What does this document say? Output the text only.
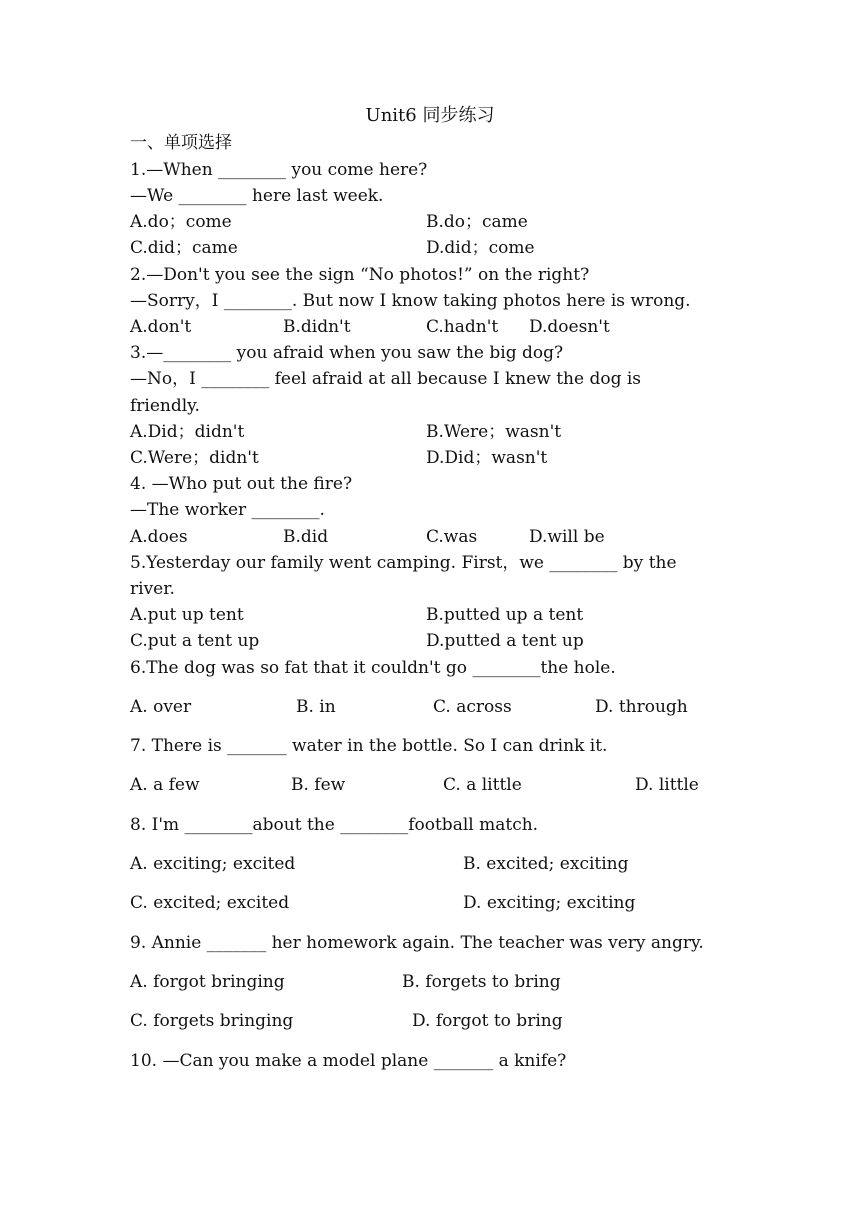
Unit6 同步练习
一、单项选择
1.—When ________ you come here?
—We ________ here last week.
A.do；come	B.do；came
C.did；came	D.did；come
2.—Don't you see the sign “No photos!” on the right?
—Sorry，I ________. But now I know taking photos here is wrong.
A.don't	B.didn't	C.hadn't D.doesn't
3.—________ you afraid when you saw the big dog?
—No，I ________ feel afraid at all because I knew the dog is
friendly.
A.Did；didn't	B.Were；wasn't
C.Were；didn't	D.Did；wasn't
4. —Who put out the fire?
—The worker ________.
A.does	B.did	C.was	D.will be
5.Yesterday our family went camping. First，we ________ by the
river.
A.put up tent	B.putted up a tent
C.put a tent up	D.putted a tent up
6.The dog was so fat that it couldn't go ________the hole.
A. over	B. in	C. across	D. through
7. There is _______ water in the bottle. So I can drink it.
A. a few	B. few	C. a little	D. little
8. I'm ________about the ________football match.
A. exciting; excited	B. excited; exciting
C. excited; excited	D. exciting; exciting
9. Annie _______ her homework again. The teacher was very angry.
A. forgot bringing	B. forgets to bring
C. forgets bringing	D. forgot to bring
10. —Can you make a model plane _______ a knife?
